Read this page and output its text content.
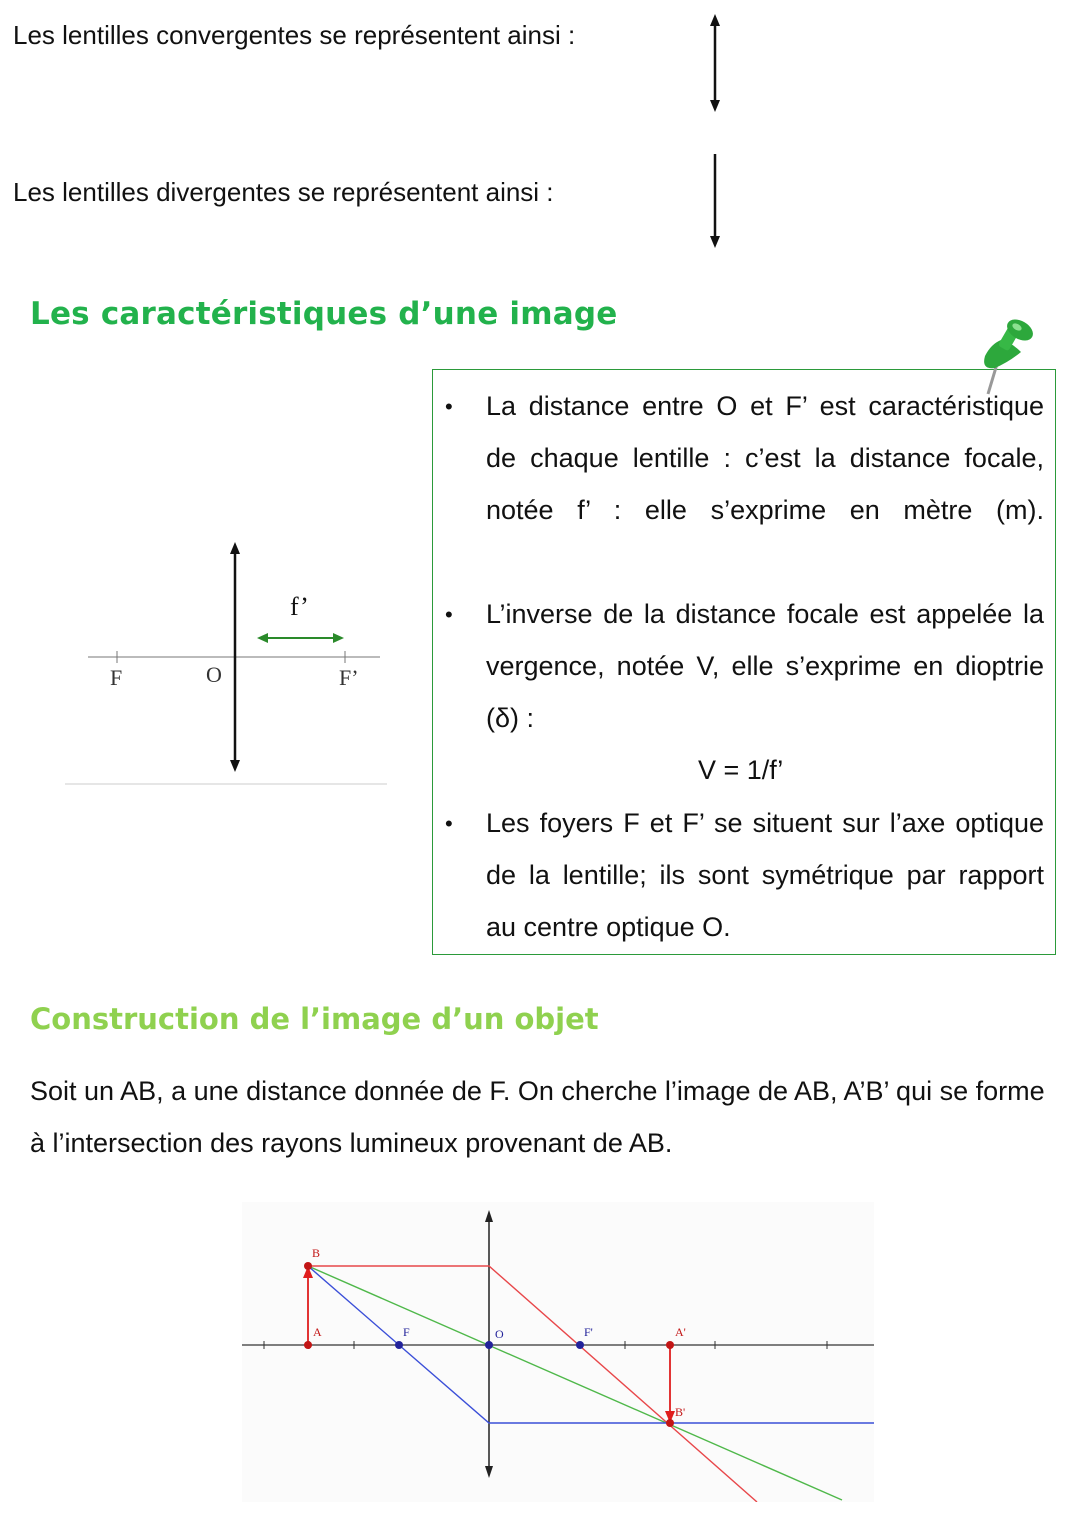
Les lentilles convergentes se représentent ainsi :
Les lentilles divergentes se représentent ainsi :
Les caractéristiques d’une image
f’
F	O	F’
• La distance entre O et F’ est caractéristique de chaque lentille : c’est la distance focale, notée f’ : elle s’exprime en mètre (m).
• L’inverse de la distance focale est appelée la vergence, notée V, elle s’exprime en dioptrie (δ) :
V = 1/f’
• Les foyers F et F’ se situent sur l’axe optique de la lentille; ils sont symétrique par rapport au centre optique O.
Construction de l’image d’un objet
Soit un AB, a une distance donnée de F. On cherche l’image de AB, A’B’ qui se forme à l’intersection des rayons lumineux provenant de AB.
B
A	F	O	F'	A'
B'
